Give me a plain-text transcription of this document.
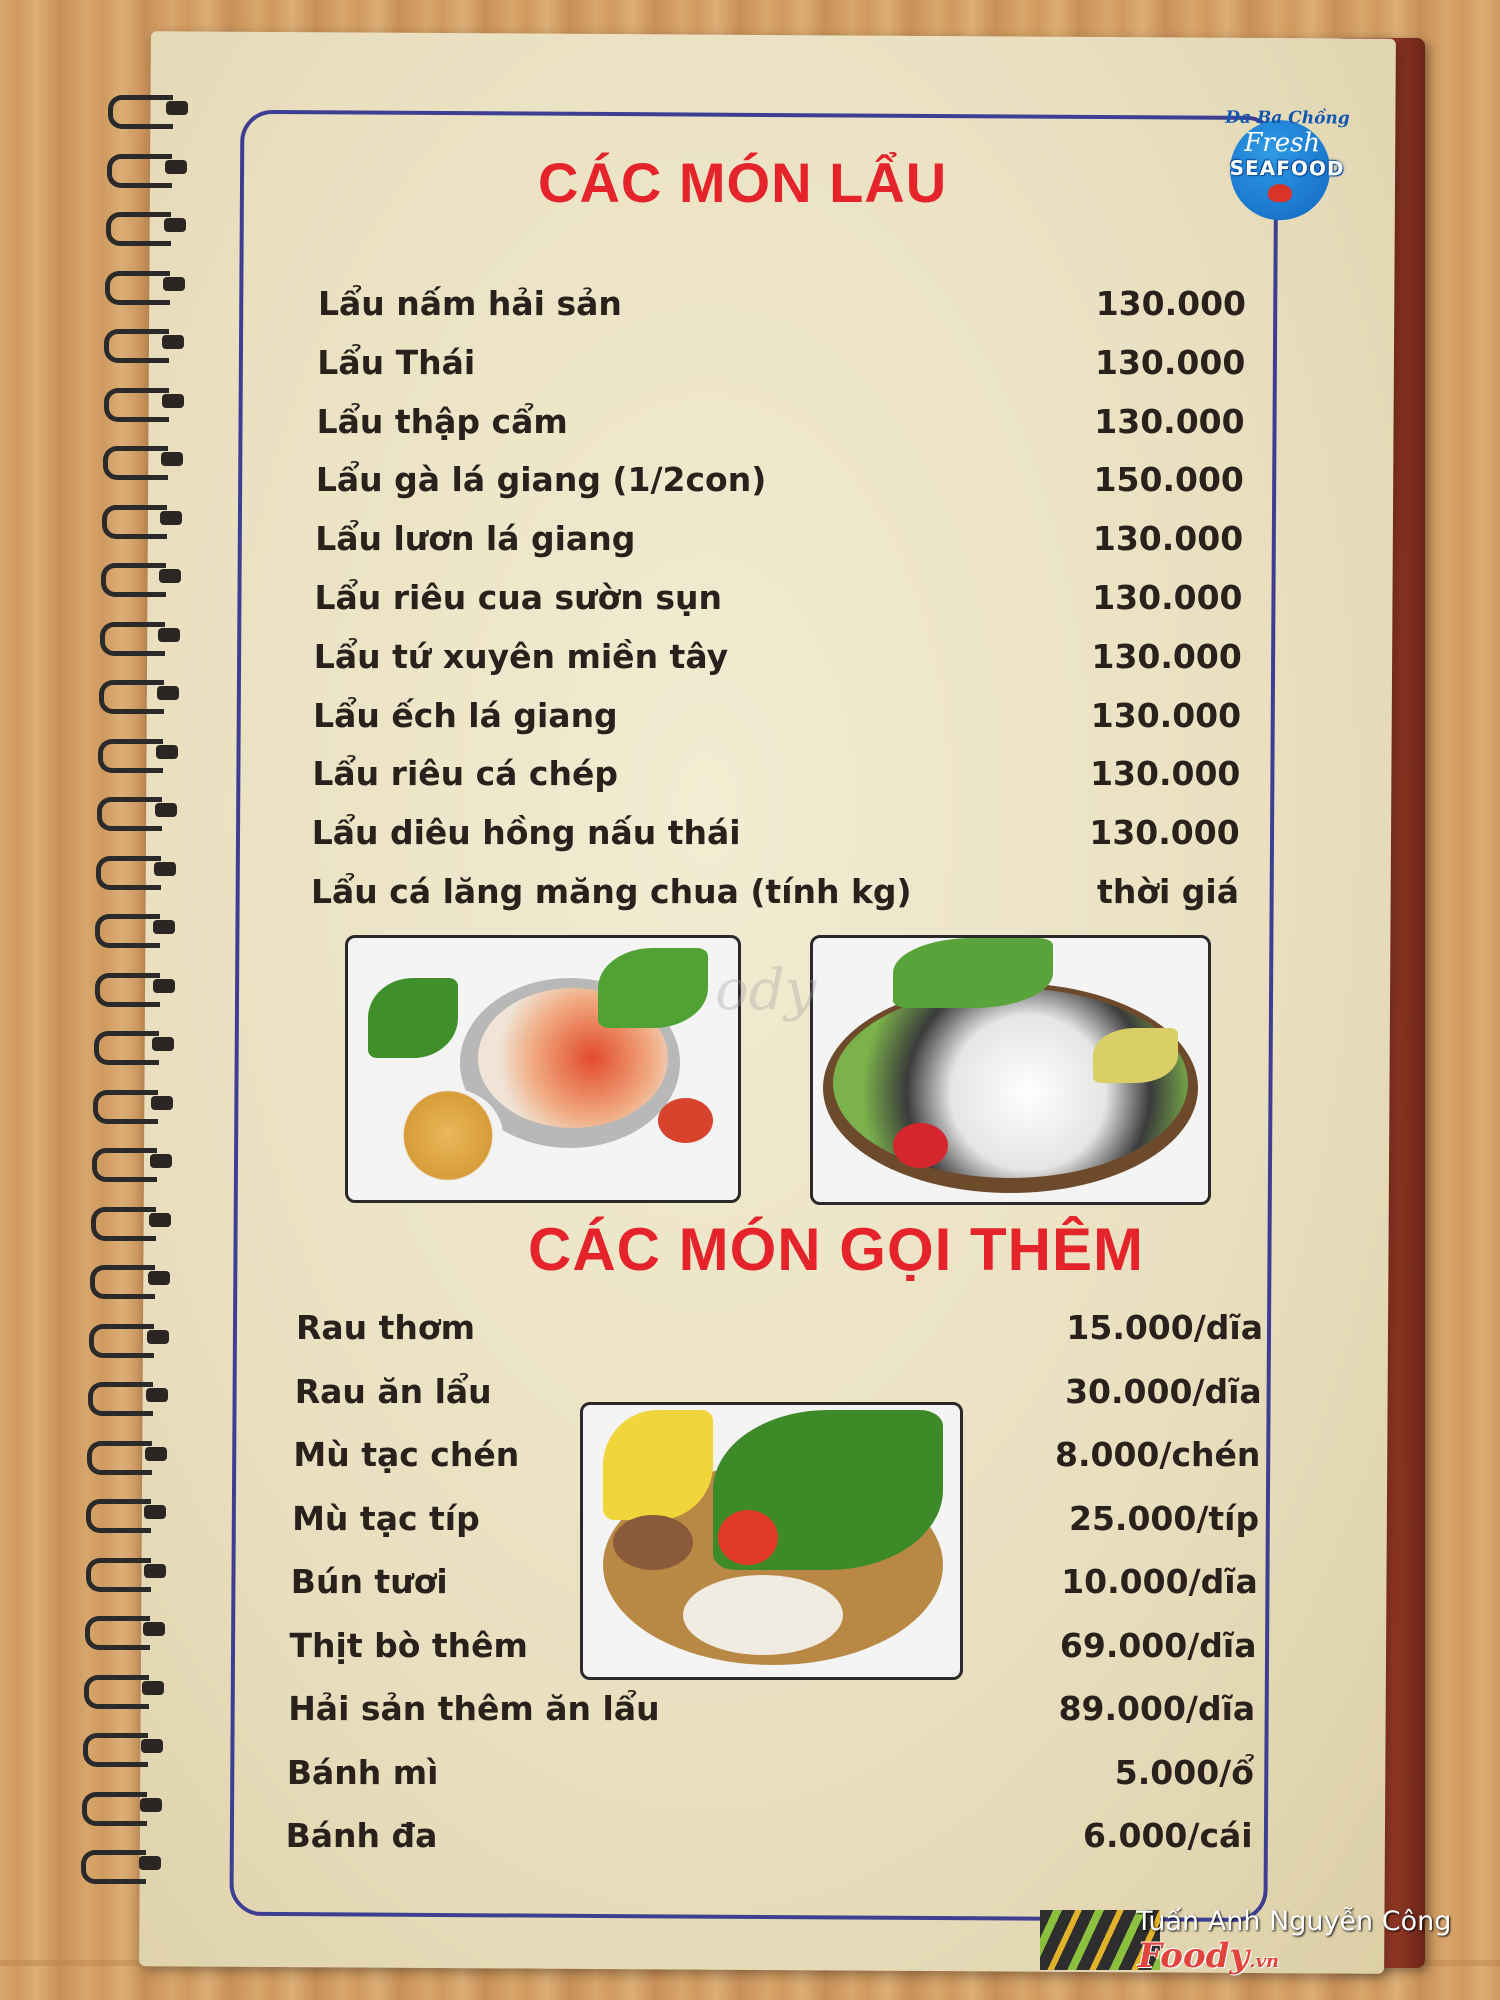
Đa Ba Chồng
Fresh
SEAFOOD
CÁC MÓN LẨU
Lẩu nấm hải sản	130.000
Lẩu Thái	130.000
Lẩu thập cẩm	130.000
Lẩu gà lá giang (1/2con)	150.000
Lẩu lươn lá giang	130.000
Lẩu riêu cua sườn sụn	130.000
Lẩu tứ xuyên miền tây	130.000
Lẩu ếch lá giang	130.000
Lẩu riêu cá chép	130.000
Lẩu diêu hồng nấu thái	130.000
Lẩu cá lăng măng chua (tính kg)	thời giá
ody
CÁC MÓN GỌI THÊM
Rau thơm	15.000/dĩa
Rau ăn lẩu	30.000/dĩa
Mù tạc chén	8.000/chén
Mù tạc típ	25.000/típ
Bún tươi	10.000/dĩa
Thịt bò thêm	69.000/dĩa
Hải sản thêm ăn lẩu	89.000/dĩa
Bánh mì	5.000/ổ
Bánh đa	6.000/cái
Tuấn Anh Nguyễn Công
Foody.vn
